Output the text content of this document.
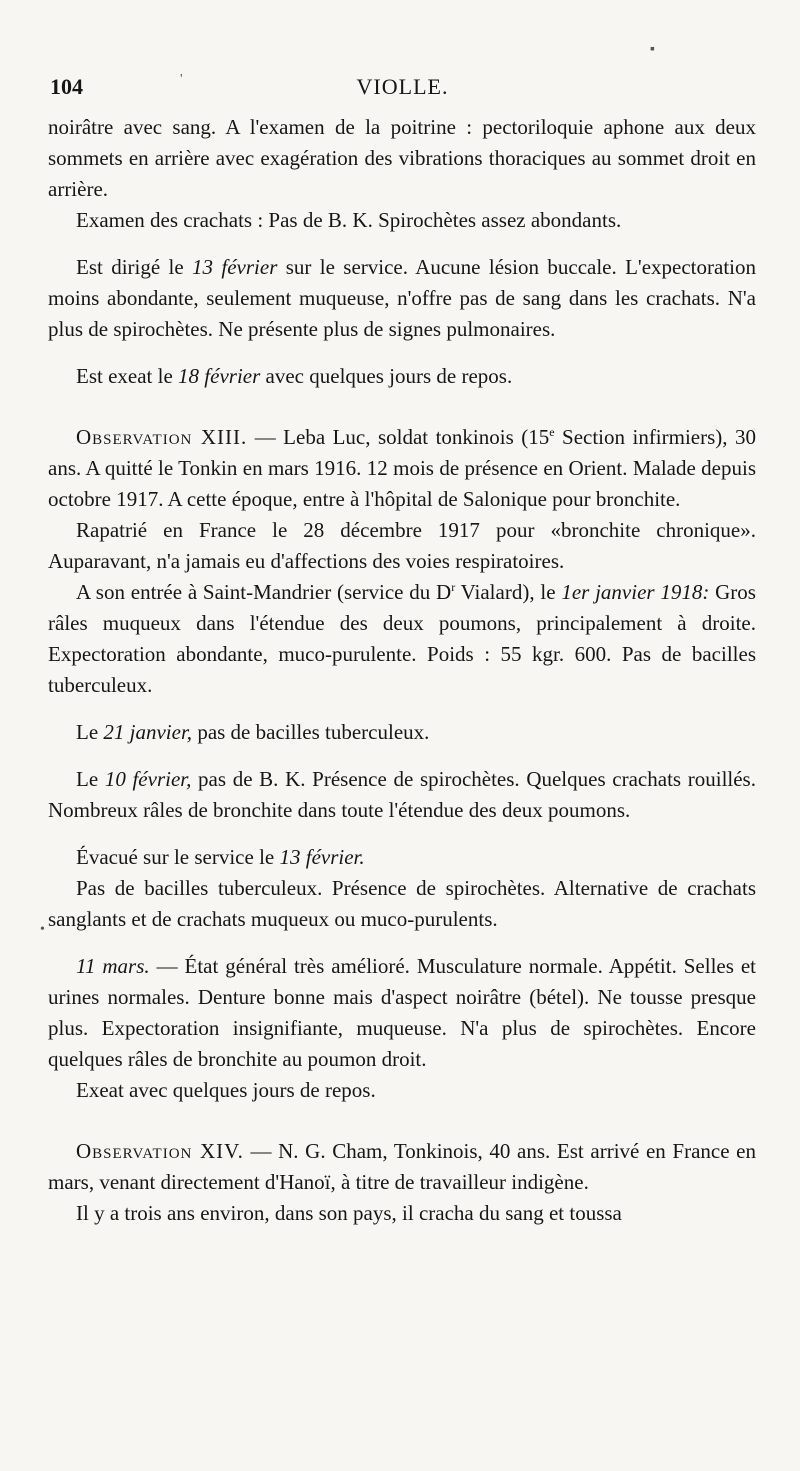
104	VIOLLE.

noirâtre avec sang. A l'examen de la poitrine : pectoriloquie aphone aux deux sommets en arrière avec exagération des vibrations thoraciques au sommet droit en arrière.

Examen des crachats : Pas de B. K. Spirochètes assez abondants.

Est dirigé le 13 février sur le service. Aucune lésion buccale. L'expectoration moins abondante, seulement muqueuse, n'offre pas de sang dans les crachats. N'a plus de spirochètes. Ne présente plus de signes pulmonaires.

Est exeat le 18 février avec quelques jours de repos.

Observation XIII. — Leba Luc, soldat tonkinois (15e Section infirmiers), 30 ans. A quitté le Tonkin en mars 1916. 12 mois de présence en Orient. Malade depuis octobre 1917. A cette époque, entre à l'hôpital de Salonique pour bronchite.

Rapatrié en France le 28 décembre 1917 pour «bronchite chronique». Auparavant, n'a jamais eu d'affections des voies respiratoires.

A son entrée à Saint-Mandrier (service du $D^r$ Vialard), le 1er janvier 1918: Gros râles muqueux dans l'étendue des deux poumons, principalement à droite. Expectoration abondante, muco-purulente. Poids : 55 kgr. 600. Pas de bacilles tuberculeux.

Le 21 janvier, pas de bacilles tuberculeux.

Le 10 février, pas de B. K. Présence de spirochètes. Quelques crachats rouillés. Nombreux râles de bronchite dans toute l'étendue des deux poumons.

Évacué sur le service le 13 février.

Pas de bacilles tuberculeux. Présence de spirochètes. Alternative de crachats sanglants et de crachats muqueux ou muco-purulents.

11 mars. — État général très amélioré. Musculature normale. Appétit. Selles et urines normales. Denture bonne mais d'aspect noirâtre (bétel). Ne tousse presque plus. Expectoration insignifiante, muqueuse. N'a plus de spirochètes. Encore quelques râles de bronchite au poumon droit.

Exeat avec quelques jours de repos.

Observation XIV. — N. G. Cham, Tonkinois, 40 ans. Est arrivé en France en mars, venant directement d'Hanoï, à titre de travailleur indigène.

Il y a trois ans environ, dans son pays, il cracha du sang et toussa

▪
'
•
